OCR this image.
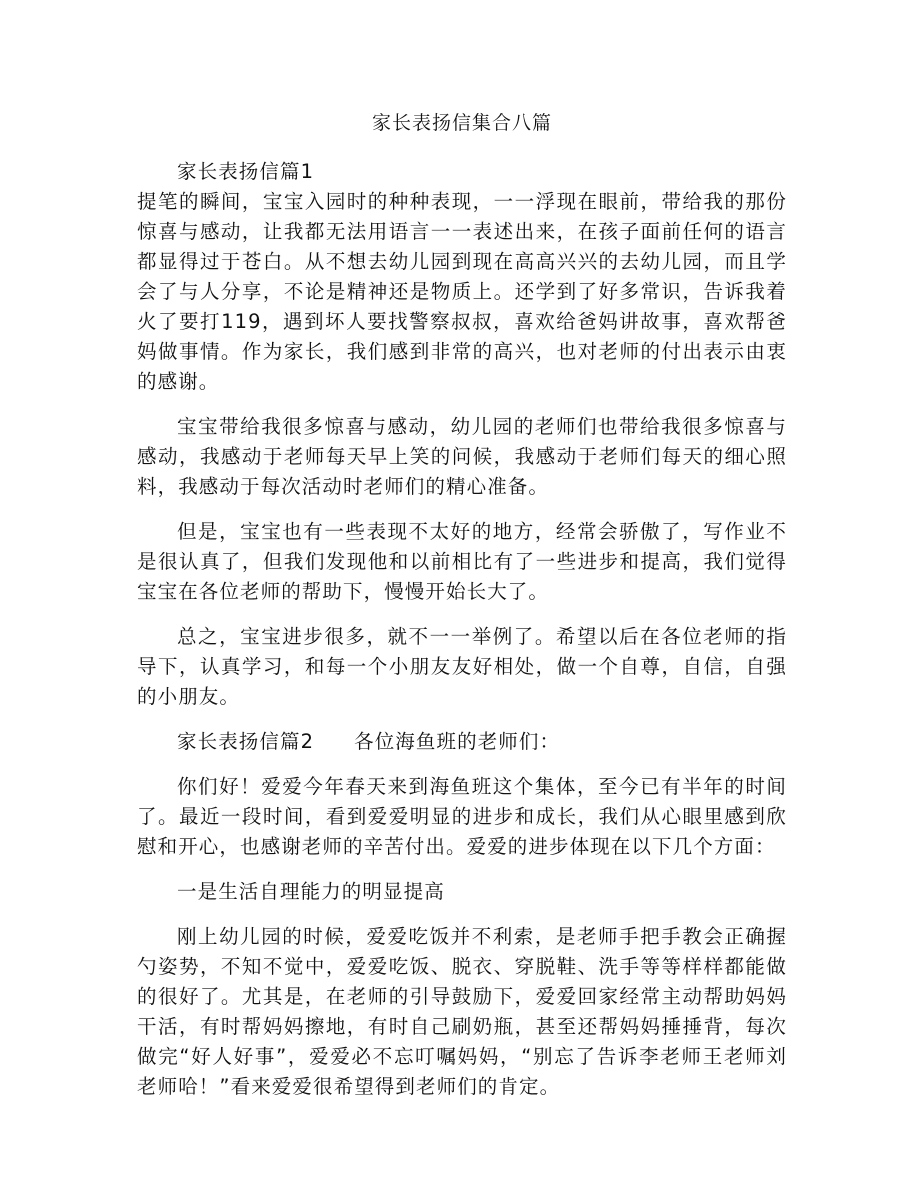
家长表扬信集合八篇

家长表扬信篇1

提笔的瞬间，宝宝入园时的种种表现，一一浮现在眼前，带给我的那份惊喜与感动，让我都无法用语言一一表述出来，在孩子面前任何的语言都显得过于苍白。从不想去幼儿园到现在高高兴兴的去幼儿园，而且学会了与人分享，不论是精神还是物质上。还学到了好多常识，告诉我着火了要打119，遇到坏人要找警察叔叔，喜欢给爸妈讲故事，喜欢帮爸妈做事情。作为家长，我们感到非常的高兴，也对老师的付出表示由衷的感谢。

宝宝带给我很多惊喜与感动，幼儿园的老师们也带给我很多惊喜与感动，我感动于老师每天早上笑的问候，我感动于老师们每天的细心照料，我感动于每次活动时老师们的精心准备。

但是，宝宝也有一些表现不太好的地方，经常会骄傲了，写作业不是很认真了，但我们发现他和以前相比有了一些进步和提高，我们觉得宝宝在各位老师的帮助下，慢慢开始长大了。

总之，宝宝进步很多，就不一一举例了。希望以后在各位老师的指导下，认真学习，和每一个小朋友友好相处，做一个自尊，自信，自强的小朋友。

家长表扬信篇2 各位海鱼班的老师们：

你们好！爱爱今年春天来到海鱼班这个集体，至今已有半年的时间了。最近一段时间，看到爱爱明显的进步和成长，我们从心眼里感到欣慰和开心，也感谢老师的辛苦付出。爱爱的进步体现在以下几个方面：

一是生活自理能力的明显提高

刚上幼儿园的时候，爱爱吃饭并不利索，是老师手把手教会正确握勺姿势，不知不觉中，爱爱吃饭、脱衣、穿脱鞋、洗手等等样样都能做的很好了。尤其是，在老师的引导鼓励下，爱爱回家经常主动帮助妈妈干活，有时帮妈妈擦地，有时自己刷奶瓶，甚至还帮妈妈捶捶背，每次做完“好人好事”，爱爱必不忘叮嘱妈妈，“别忘了告诉李老师王老师刘老师哈！”看来爱爱很希望得到老师们的肯定。
